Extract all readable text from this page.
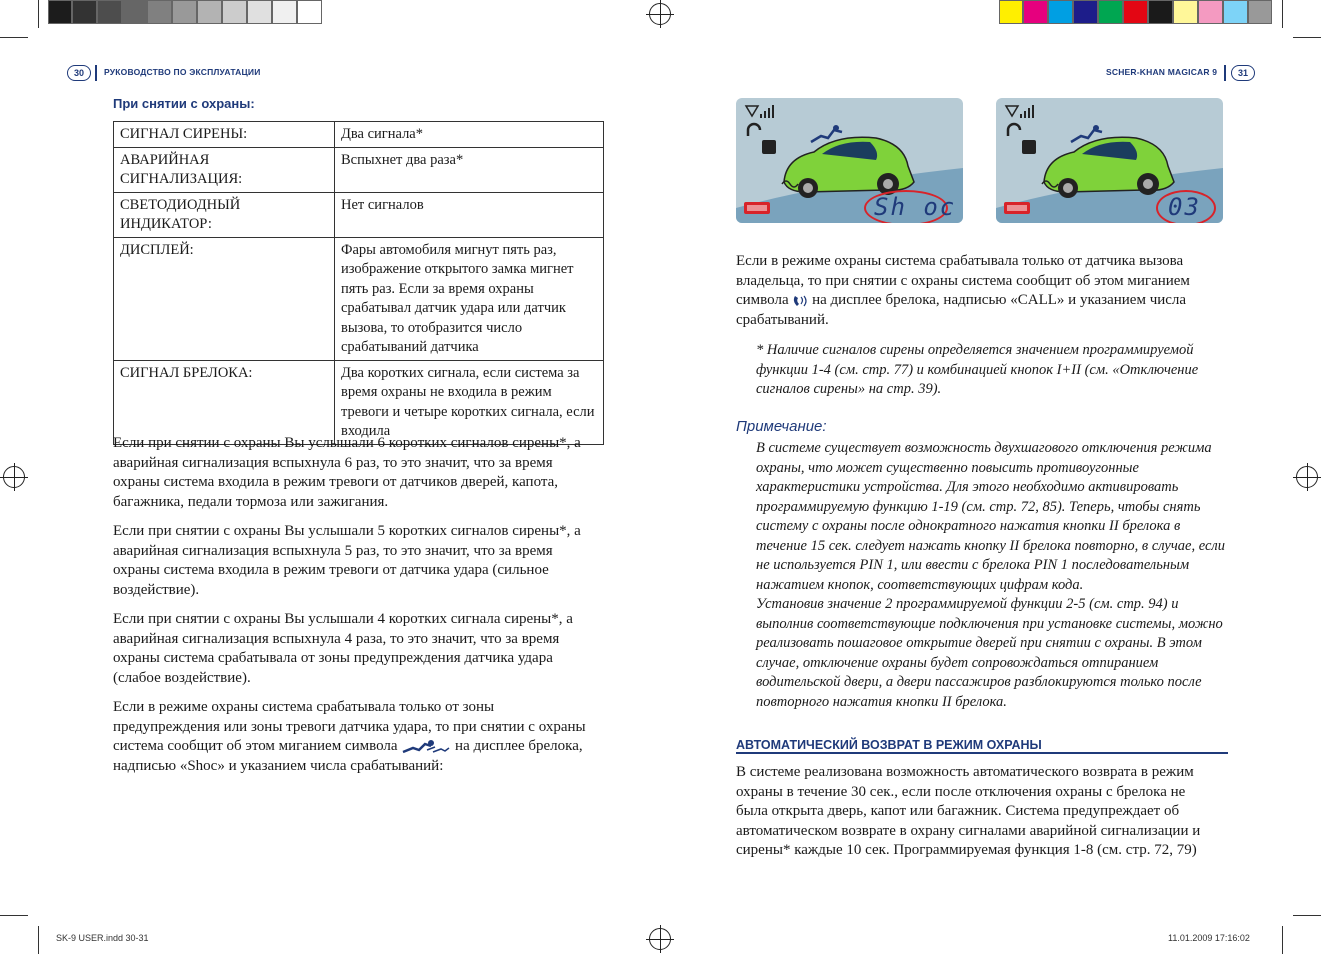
30	РУКОВОДСТВО ПО ЭКСПЛУАТАЦИИ	SCHER-KHAN MAGICAR 9	31
При снятии с охраны:
СИГНАЛ СИРЕНЫ:	Два сигнала*
АВАРИЙНАЯ СИГНАЛИЗАЦИЯ:	Вспыхнет два раза*
СВЕТОДИОДНЫЙ ИНДИКАТОР:	Нет сигналов
ДИСПЛЕЙ:	Фары автомобиля мигнут пять раз, изображение открытого замка мигнет пять раз. Если за время охраны срабатывал датчик удара или датчик вызова, то отобразится число срабатываний датчика
СИГНАЛ БРЕЛОКА:	Два коротких сигнала, если система за время охраны не входила в режим тревоги и четыре коротких сигнала, если входила

Если при снятии с охраны Вы услышали 6 коротких сигналов сирены*, а аварийная сигнализация вспыхнула 6 раз, то это значит, что за время охраны система входила в режим тревоги от датчиков дверей, капота, багажника, педали тормоза или зажигания.

Если при снятии с охраны Вы услышали 5 коротких сигналов сирены*, а аварийная сигнализация вспыхнула 5 раз, то это значит, что за время охраны система входила в режим тревоги от датчика удара (сильное воздействие).

Если при снятии с охраны Вы услышали 4 коротких сигнала сирены*, а аварийная сигнализация вспыхнула 4 раза, то это значит, что за время охраны система срабатывала от зоны предупреждения датчика удара (слабое воздействие).

Если в режиме охраны система срабатывала только от зоны предупреждения или зоны тревоги датчика удара, то при снятии с охраны система сообщит об этом миганием символа	на дисплее брелока, надписью «Shoc» и указанием числа срабатываний:

Sh oc	03

Если в режиме охраны система срабатывала только от датчика вызова владельца, то при снятии с охраны система сообщит об этом миганием символа на дисплее брелока, надписью «CALL» и указанием числа срабатываний.

* Наличие сигналов сирены определяется значением программируемой функции 1-4 (см. стр. 77) и комбинацией кнопок I+II (см. «Отключение сигналов сирены» на стр. 39).

Примечание:

В системе существует возможность двухшагового отключения режима охраны, что может существенно повысить противоугонные характеристики устройства. Для этого необходимо активировать программируемую функцию 1-19 (см. стр. 72, 85). Теперь, чтобы снять систему с охраны после однократного нажатия кнопки II брелока в течение 15 сек. следует нажать кнопку II брелока повторно, в случае, если не используется PIN 1, или ввести с брелока PIN 1 последовательным нажатием кнопок, соответствующих цифрам кода.

Установив значение 2 программируемой функции 2-5 (см. стр. 94) и выполнив соответствующие подключения при установке системы, можно реализовать пошаговое открытие дверей при снятии с охраны. В этом случае, отключение охраны будет сопровождаться отпиранием водительской двери, а двери пассажиров разблокируются только после повторного нажатия кнопки II брелока.

АВТОМАТИЧЕСКИЙ ВОЗВРАТ В РЕЖИМ ОХРАНЫ

В системе реализована возможность автоматического возврата в режим охраны в течение 30 сек., если после отключения охраны с брелока не была открыта дверь, капот или багажник. Система предупреждает об автоматическом возврате в охрану сигналами аварийной сигнализации и сирены* каждые 10 сек. Программируемая функция 1-8 (см. стр. 72, 79)

SK-9 USER.indd 30-31	11.01.2009 17:16:02
